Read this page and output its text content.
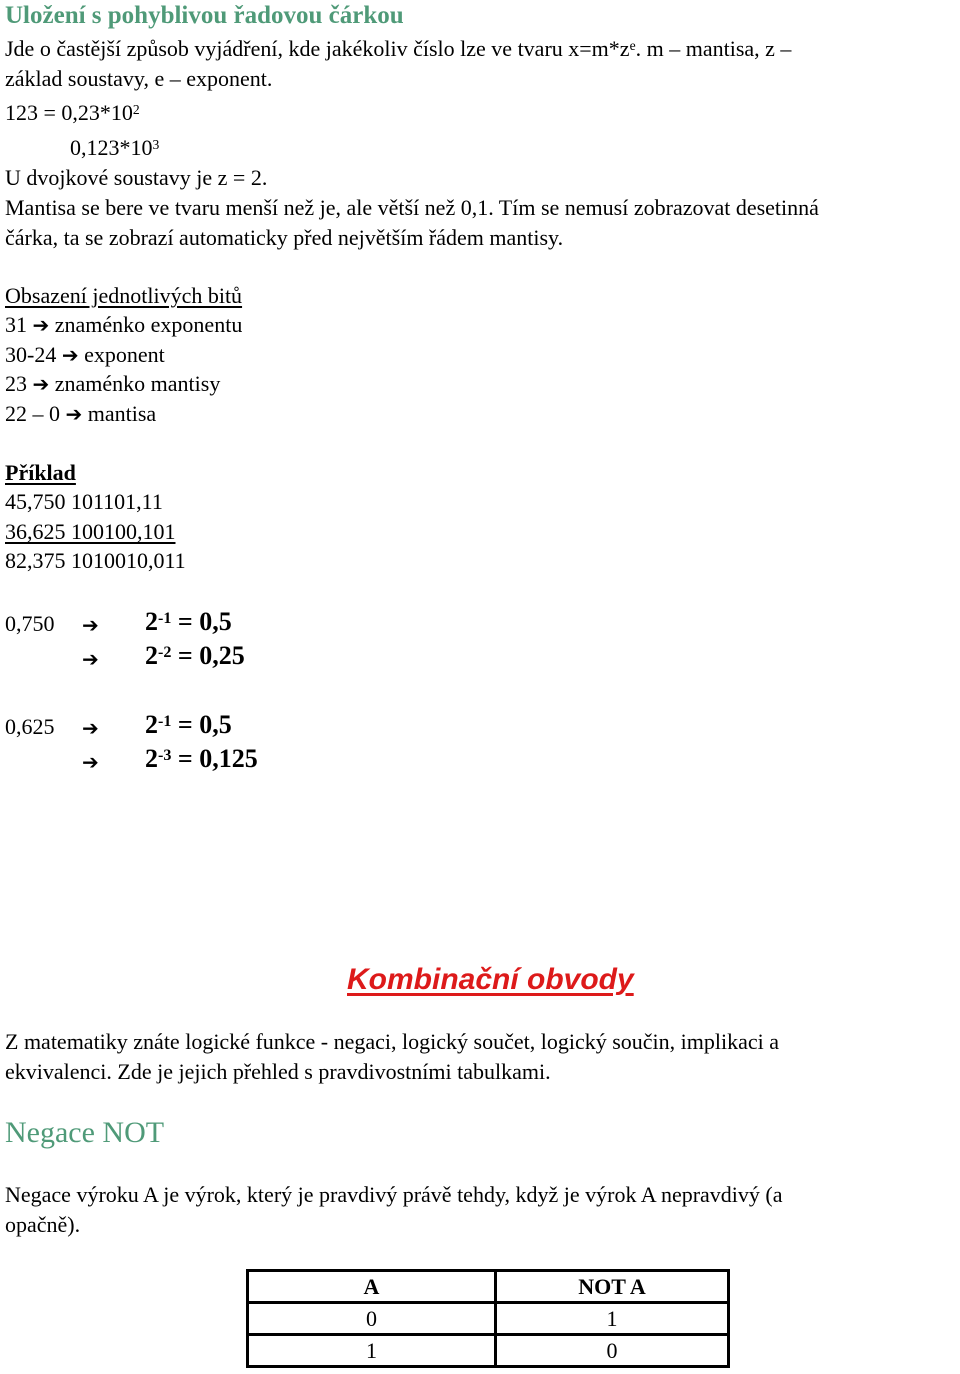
Uložení s pohyblivou řadovou čárkou
Jde o častější způsob vyjádření, kde jakékoliv číslo lze ve tvaru $x=m*z^e$. m – mantisa, z –
základ soustavy, e – exponent.
$123 = 0,23*10^2$
$0,123*10^3$
U dvojkové soustavy je z = 2.
Mantisa se bere ve tvaru menší než je, ale větší než 0,1. Tím se nemusí zobrazovat desetinná
čárka, ta se zobrazí automaticky před největším řádem mantisy.
Obsazení jednotlivých bitů
31 ➔ znaménko exponentu
30-24 ➔ exponent
23 ➔ znaménko mantisy
22 – 0 ➔ mantisa
Příklad
45,750 101101,11
36,625 100100,101
82,375 1010010,011
0,750 ➔ $2^{-1} = 0,5$
➔ $2^{-2} = 0,25$
0,625 ➔ $2^{-1} = 0,5$
➔ $2^{-3} = 0,125$
Kombinační obvody
Z matematiky znáte logické funkce - negaci, logický součet, logický součin, implikaci a
ekvivalenci. Zde je jejich přehled s pravdivostními tabulkami.
Negace NOT
Negace výroku A je výrok, který je pravdivý právě tehdy, když je výrok A nepravdivý (a
opačně).
A	NOT A
0	1
1	0
